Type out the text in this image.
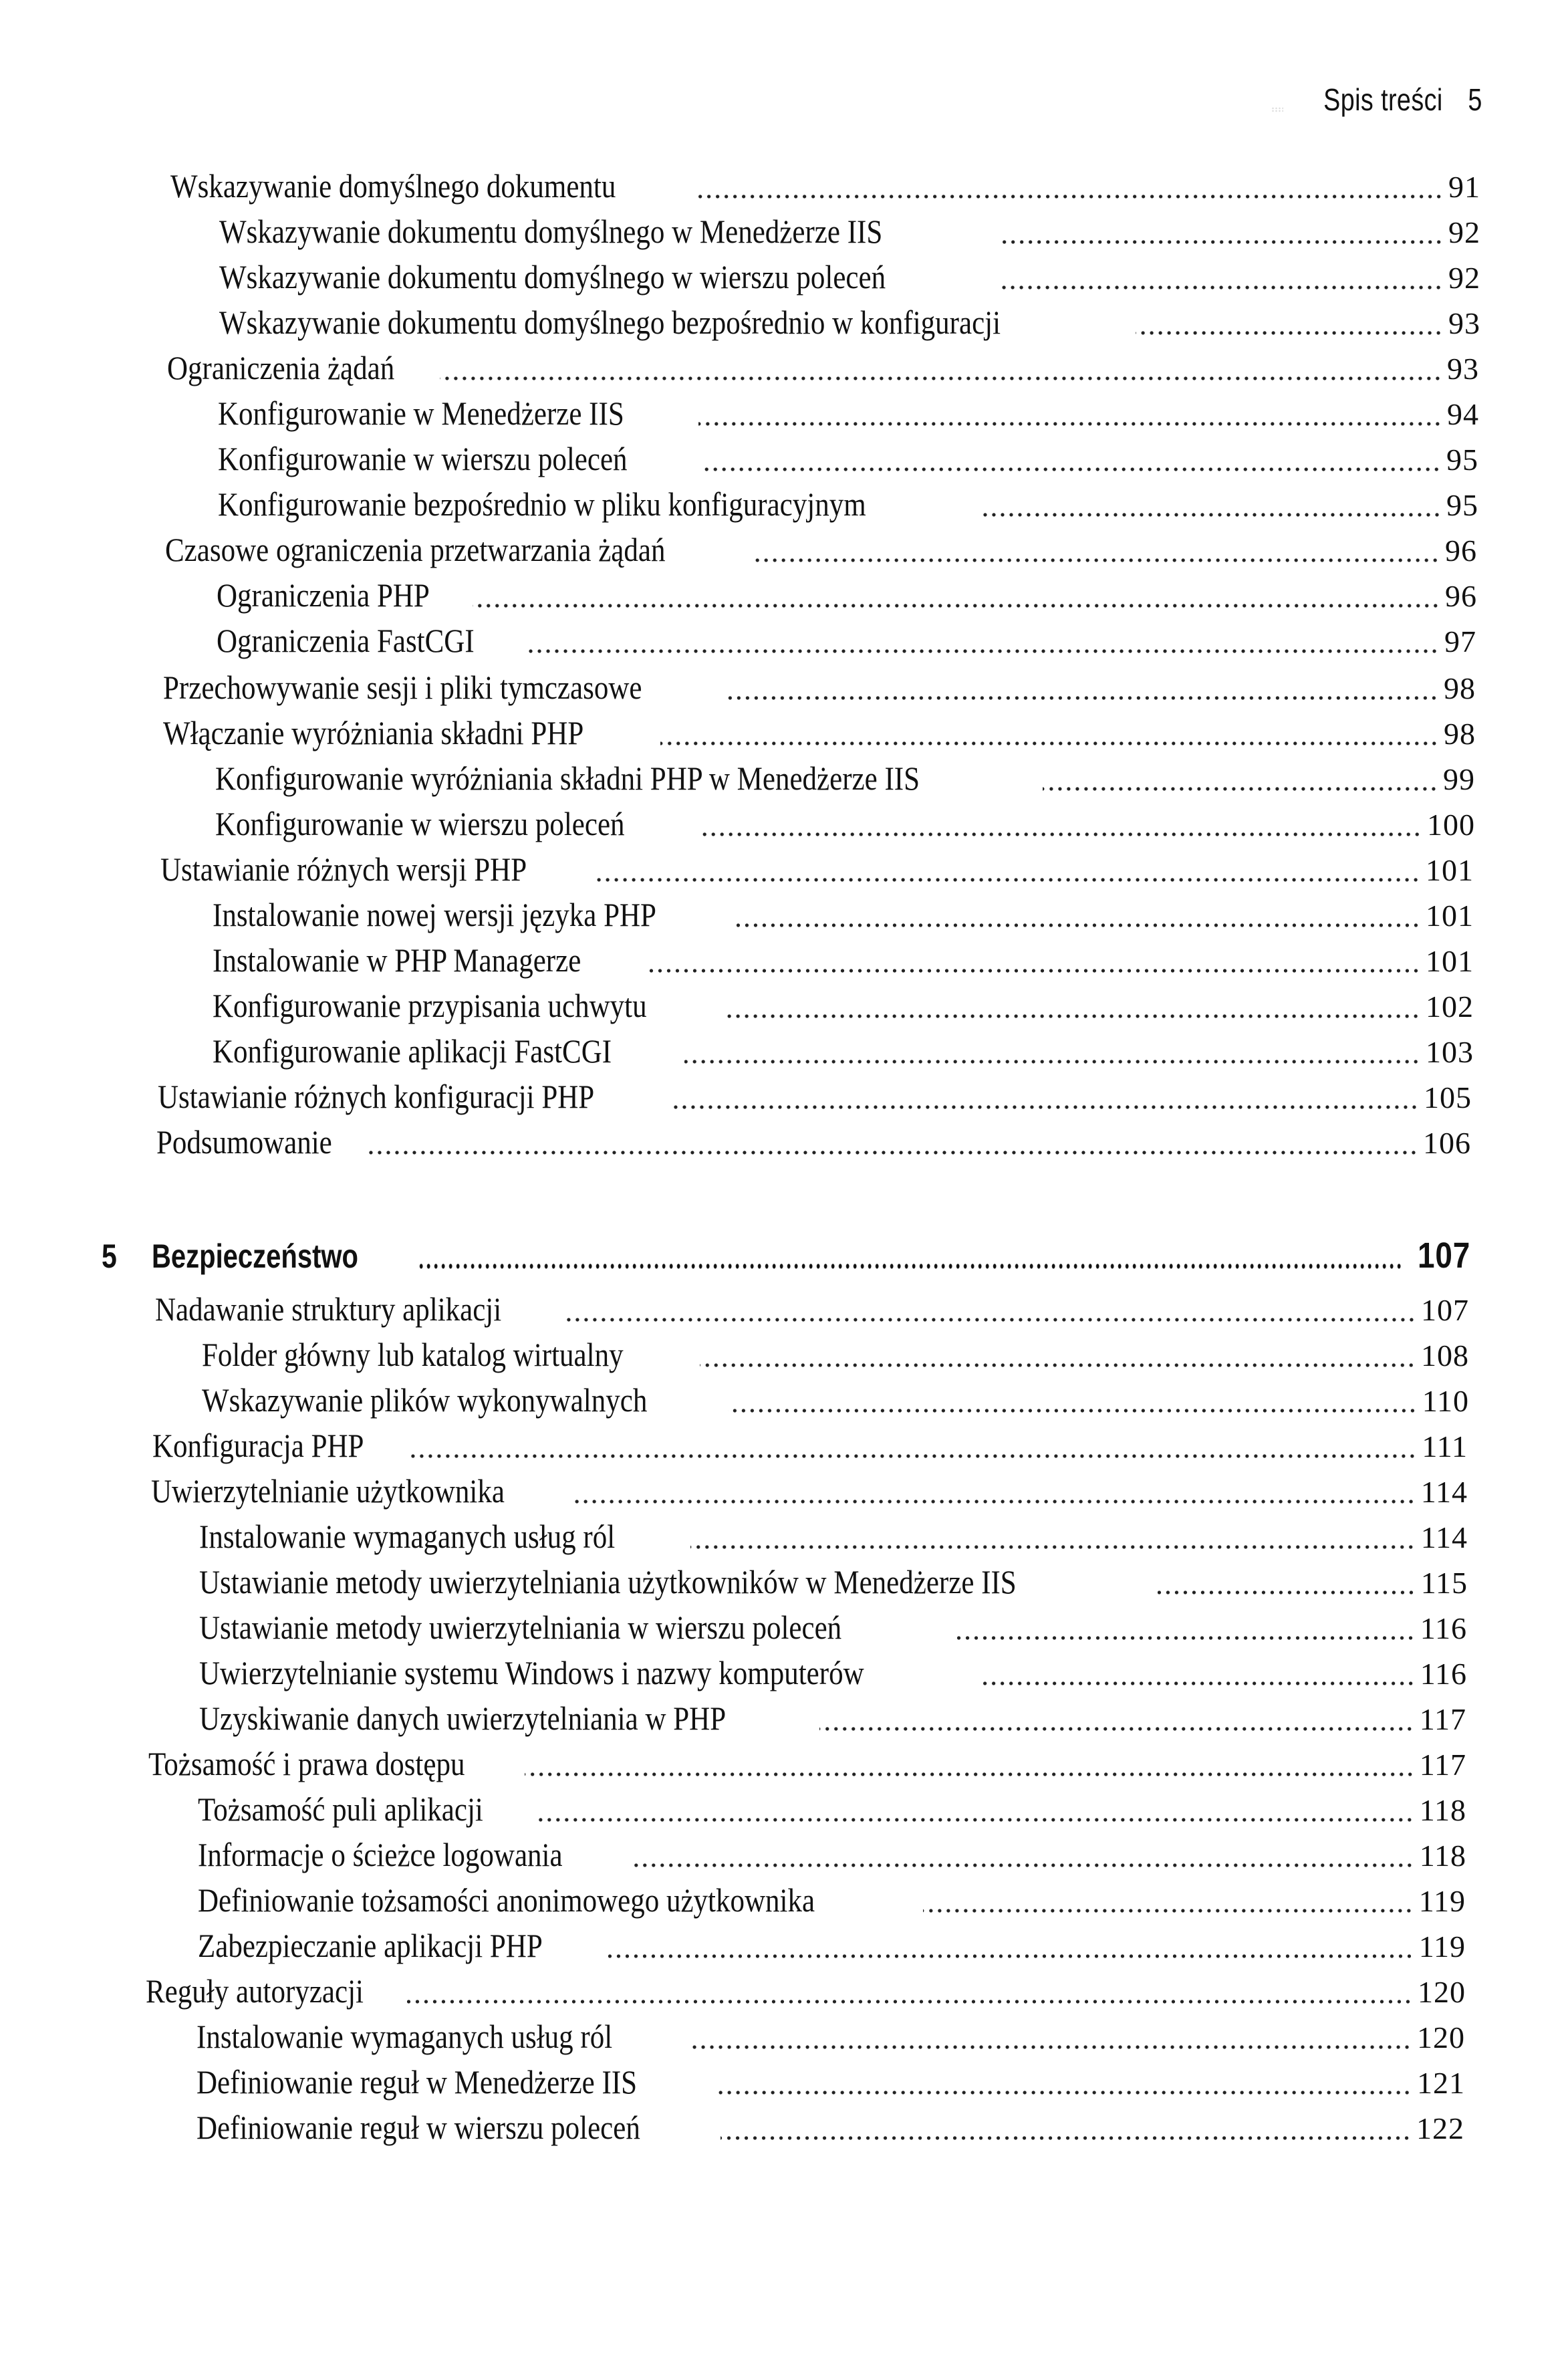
Spis treści 5
Wskazywanie domyślnego dokumentu	91
Wskazywanie dokumentu domyślnego w Menedżerze IIS	92
Wskazywanie dokumentu domyślnego w wierszu poleceń	92
Wskazywanie dokumentu domyślnego bezpośrednio w konfiguracji	93
Ograniczenia żądań	93
Konfigurowanie w Menedżerze IIS	94
Konfigurowanie w wierszu poleceń	95
Konfigurowanie bezpośrednio w pliku konfiguracyjnym	95
Czasowe ograniczenia przetwarzania żądań	96
Ograniczenia PHP	96
Ograniczenia FastCGI	97
Przechowywanie sesji i pliki tymczasowe	98
Włączanie wyróżniania składni PHP	98
Konfigurowanie wyróżniania składni PHP w Menedżerze IIS	99
Konfigurowanie w wierszu poleceń	100
Ustawianie różnych wersji PHP	101
Instalowanie nowej wersji języka PHP	101
Instalowanie w PHP Managerze	101
Konfigurowanie przypisania uchwytu	102
Konfigurowanie aplikacji FastCGI	103
Ustawianie różnych konfiguracji PHP	105
Podsumowanie	106
5	Bezpieczeństwo	107
Nadawanie struktury aplikacji	107
Folder główny lub katalog wirtualny	108
Wskazywanie plików wykonywalnych	110
Konfiguracja PHP	111
Uwierzytelnianie użytkownika	114
Instalowanie wymaganych usług ról	114
Ustawianie metody uwierzytelniania użytkowników w Menedżerze IIS	115
Ustawianie metody uwierzytelniania w wierszu poleceń	116
Uwierzytelnianie systemu Windows i nazwy komputerów	116
Uzyskiwanie danych uwierzytelniania w PHP	117
Tożsamość i prawa dostępu	117
Tożsamość puli aplikacji	118
Informacje o ścieżce logowania	118
Definiowanie tożsamości anonimowego użytkownika	119
Zabezpieczanie aplikacji PHP	119
Reguły autoryzacji	120
Instalowanie wymaganych usług ról	120
Definiowanie reguł w Menedżerze IIS	121
Definiowanie reguł w wierszu poleceń	122
